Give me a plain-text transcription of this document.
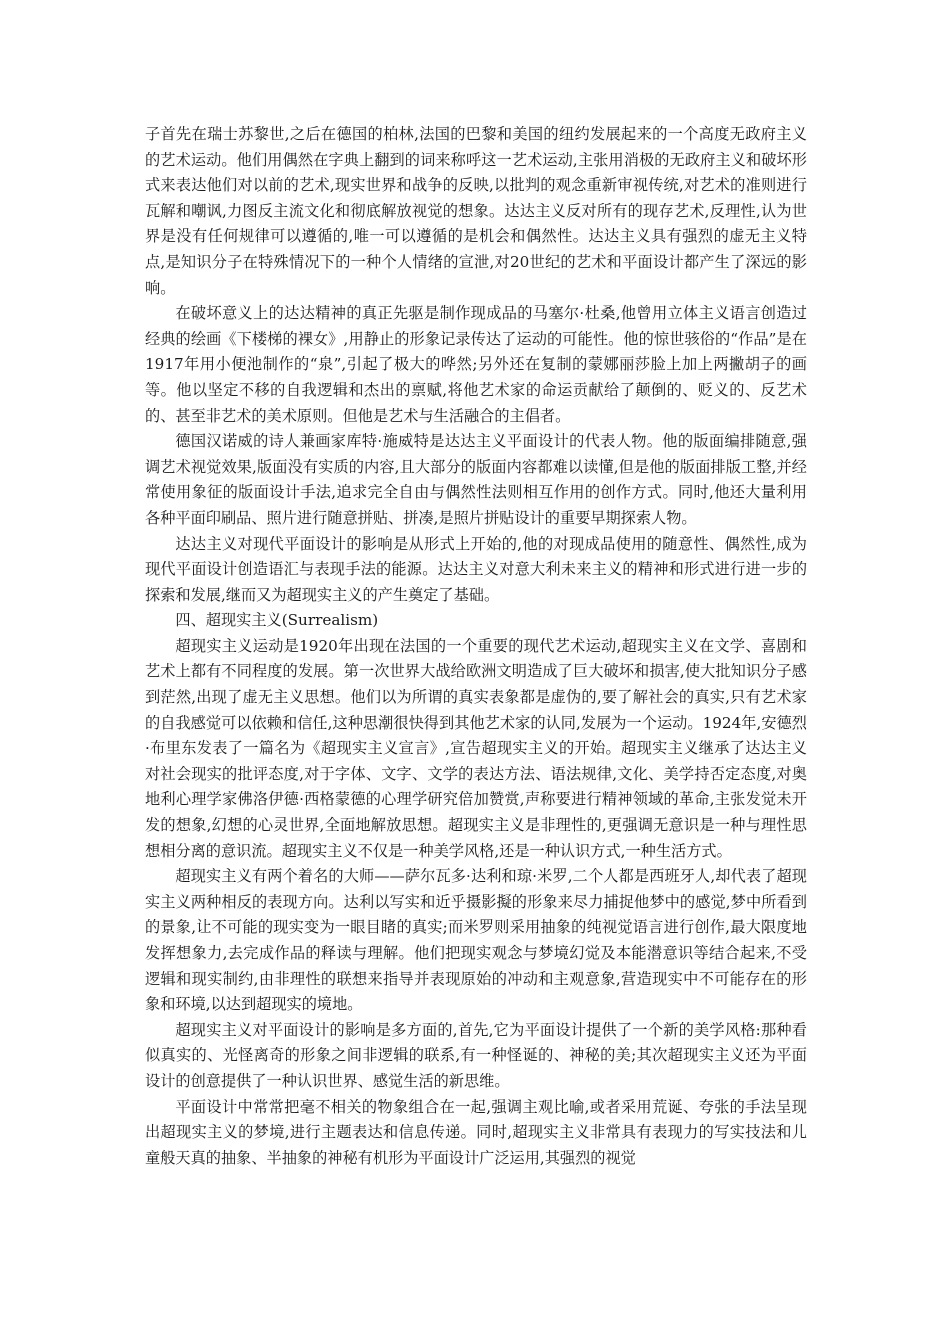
子首先在瑞士苏黎世,之后在德国的柏林,法国的巴黎和美国的纽约发展起来的一个高度无政府主义的艺术运动。他们用偶然在字典上翻到的词来称呼这一艺术运动,主张用消极的无政府主义和破坏形式来表达他们对以前的艺术,现实世界和战争的反映,以批判的观念重新审视传统,对艺术的准则进行瓦解和嘲讽,力图反主流文化和彻底解放视觉的想象。达达主义反对所有的现存艺术,反理性,认为世界是没有任何规律可以遵循的,唯一可以遵循的是机会和偶然性。达达主义具有强烈的虚无主义特点,是知识分子在特殊情况下的一种个人情绪的宣泄,对20世纪的艺术和平面设计都产生了深远的影响。

在破坏意义上的达达精神的真正先驱是制作现成品的马塞尔·杜桑,他曾用立体主义语言创造过经典的绘画《下楼梯的裸女》,用静止的形象记录传达了运动的可能性。他的惊世骇俗的“作品”是在1917年用小便池制作的“泉”,引起了极大的哗然;另外还在复制的蒙娜丽莎脸上加上两撇胡子的画等。他以坚定不移的自我逻辑和杰出的禀赋,将他艺术家的命运贡献给了颠倒的、贬义的、反艺术的、甚至非艺术的美术原则。但他是艺术与生活融合的主倡者。

德国汉诺威的诗人兼画家库特·施威特是达达主义平面设计的代表人物。他的版面编排随意,强调艺术视觉效果,版面没有实质的内容,且大部分的版面内容都难以读懂,但是他的版面排版工整,并经常使用象征的版面设计手法,追求完全自由与偶然性法则相互作用的创作方式。同时,他还大量利用各种平面印刷品、照片进行随意拼贴、拼凑,是照片拼贴设计的重要早期探索人物。

达达主义对现代平面设计的影响是从形式上开始的,他的对现成品使用的随意性、偶然性,成为现代平面设计创造语汇与表现手法的能源。达达主义对意大利未来主义的精神和形式进行进一步的探索和发展,继而又为超现实主义的产生奠定了基础。

四、超现实主义(Surrealism)

超现实主义运动是1920年出现在法国的一个重要的现代艺术运动,超现实主义在文学、喜剧和艺术上都有不同程度的发展。第一次世界大战给欧洲文明造成了巨大破坏和损害,使大批知识分子感到茫然,出现了虚无主义思想。他们以为所谓的真实表象都是虚伪的,要了解社会的真实,只有艺术家的自我感觉可以依赖和信任,这种思潮很快得到其他艺术家的认同,发展为一个运动。1924年,安德烈·布里东发表了一篇名为《超现实主义宣言》,宣告超现实主义的开始。超现实主义继承了达达主义对社会现实的批评态度,对于字体、文字、文学的表达方法、语法规律,文化、美学持否定态度,对奥地利心理学家佛洛伊德·西格蒙德的心理学研究倍加赞赏,声称要进行精神领域的革命,主张发觉未开发的想象,幻想的心灵世界,全面地解放思想。超现实主义是非理性的,更强调无意识是一种与理性思想相分离的意识流。超现实主义不仅是一种美学风格,还是一种认识方式,一种生活方式。

超现实主义有两个着名的大师——萨尔瓦多·达利和琼·米罗,二个人都是西班牙人,却代表了超现实主义两种相反的表现方向。达利以写实和近乎摄影擬的形象来尽力捕捉他梦中的感觉,梦中所看到的景象,让不可能的现实变为一眼目睹的真实;而米罗则采用抽象的纯视觉语言进行创作,最大限度地发挥想象力,去完成作品的释读与理解。他们把现实观念与梦境幻觉及本能潜意识等结合起来,不受逻辑和现实制约,由非理性的联想来指导并表现原始的冲动和主观意象,营造现实中不可能存在的形象和环境,以达到超现实的境地。

超现实主义对平面设计的影响是多方面的,首先,它为平面设计提供了一个新的美学风格:那种看似真实的、光怪离奇的形象之间非逻辑的联系,有一种怪诞的、神秘的美;其次超现实主义还为平面设计的创意提供了一种认识世界、感觉生活的新思维。

平面设计中常常把毫不相关的物象组合在一起,强调主观比喻,或者采用荒诞、夸张的手法呈现出超现实主义的梦境,进行主题表达和信息传递。同时,超现实主义非常具有表现力的写实技法和儿童般天真的抽象、半抽象的神秘有机形为平面设计广泛运用,其强烈的视觉
